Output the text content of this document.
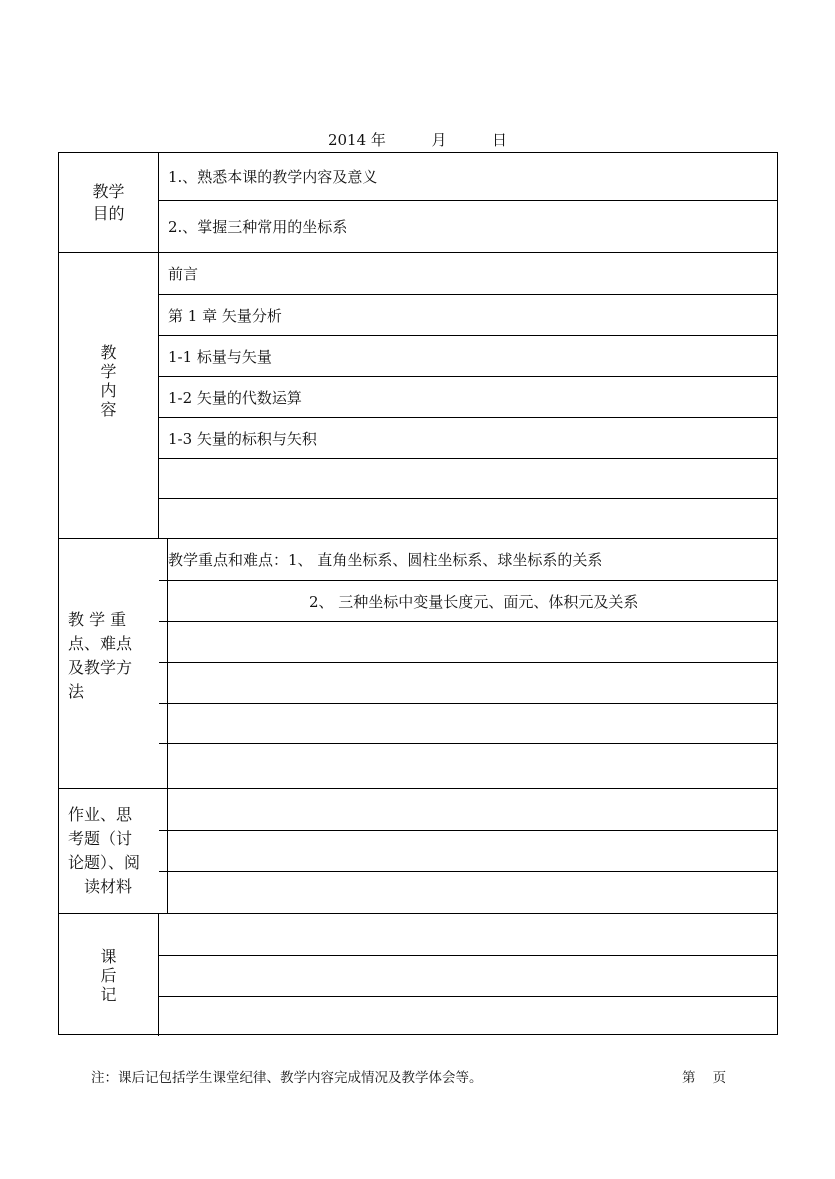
2014 年	月	日
教学
目的
1.、熟悉本课的教学内容及意义
2.、掌握三种常用的坐标系
教
学
内
容
前言
第 1 章 矢量分析
1-1 标量与矢量
1-2 矢量的代数运算
1-3 矢量的标积与矢积
教 学 重
点、难点
及教学方
法
教学重点和难点：1、 直角坐标系、圆柱坐标系、球坐标系的关系
2、 三种坐标中变量长度元、面元、体积元及关系
作业、思
考题（讨
论题）、阅
读材料
课
后
记
注：课后记包括学生课堂纪律、教学内容完成情况及教学体会等。	第    页
